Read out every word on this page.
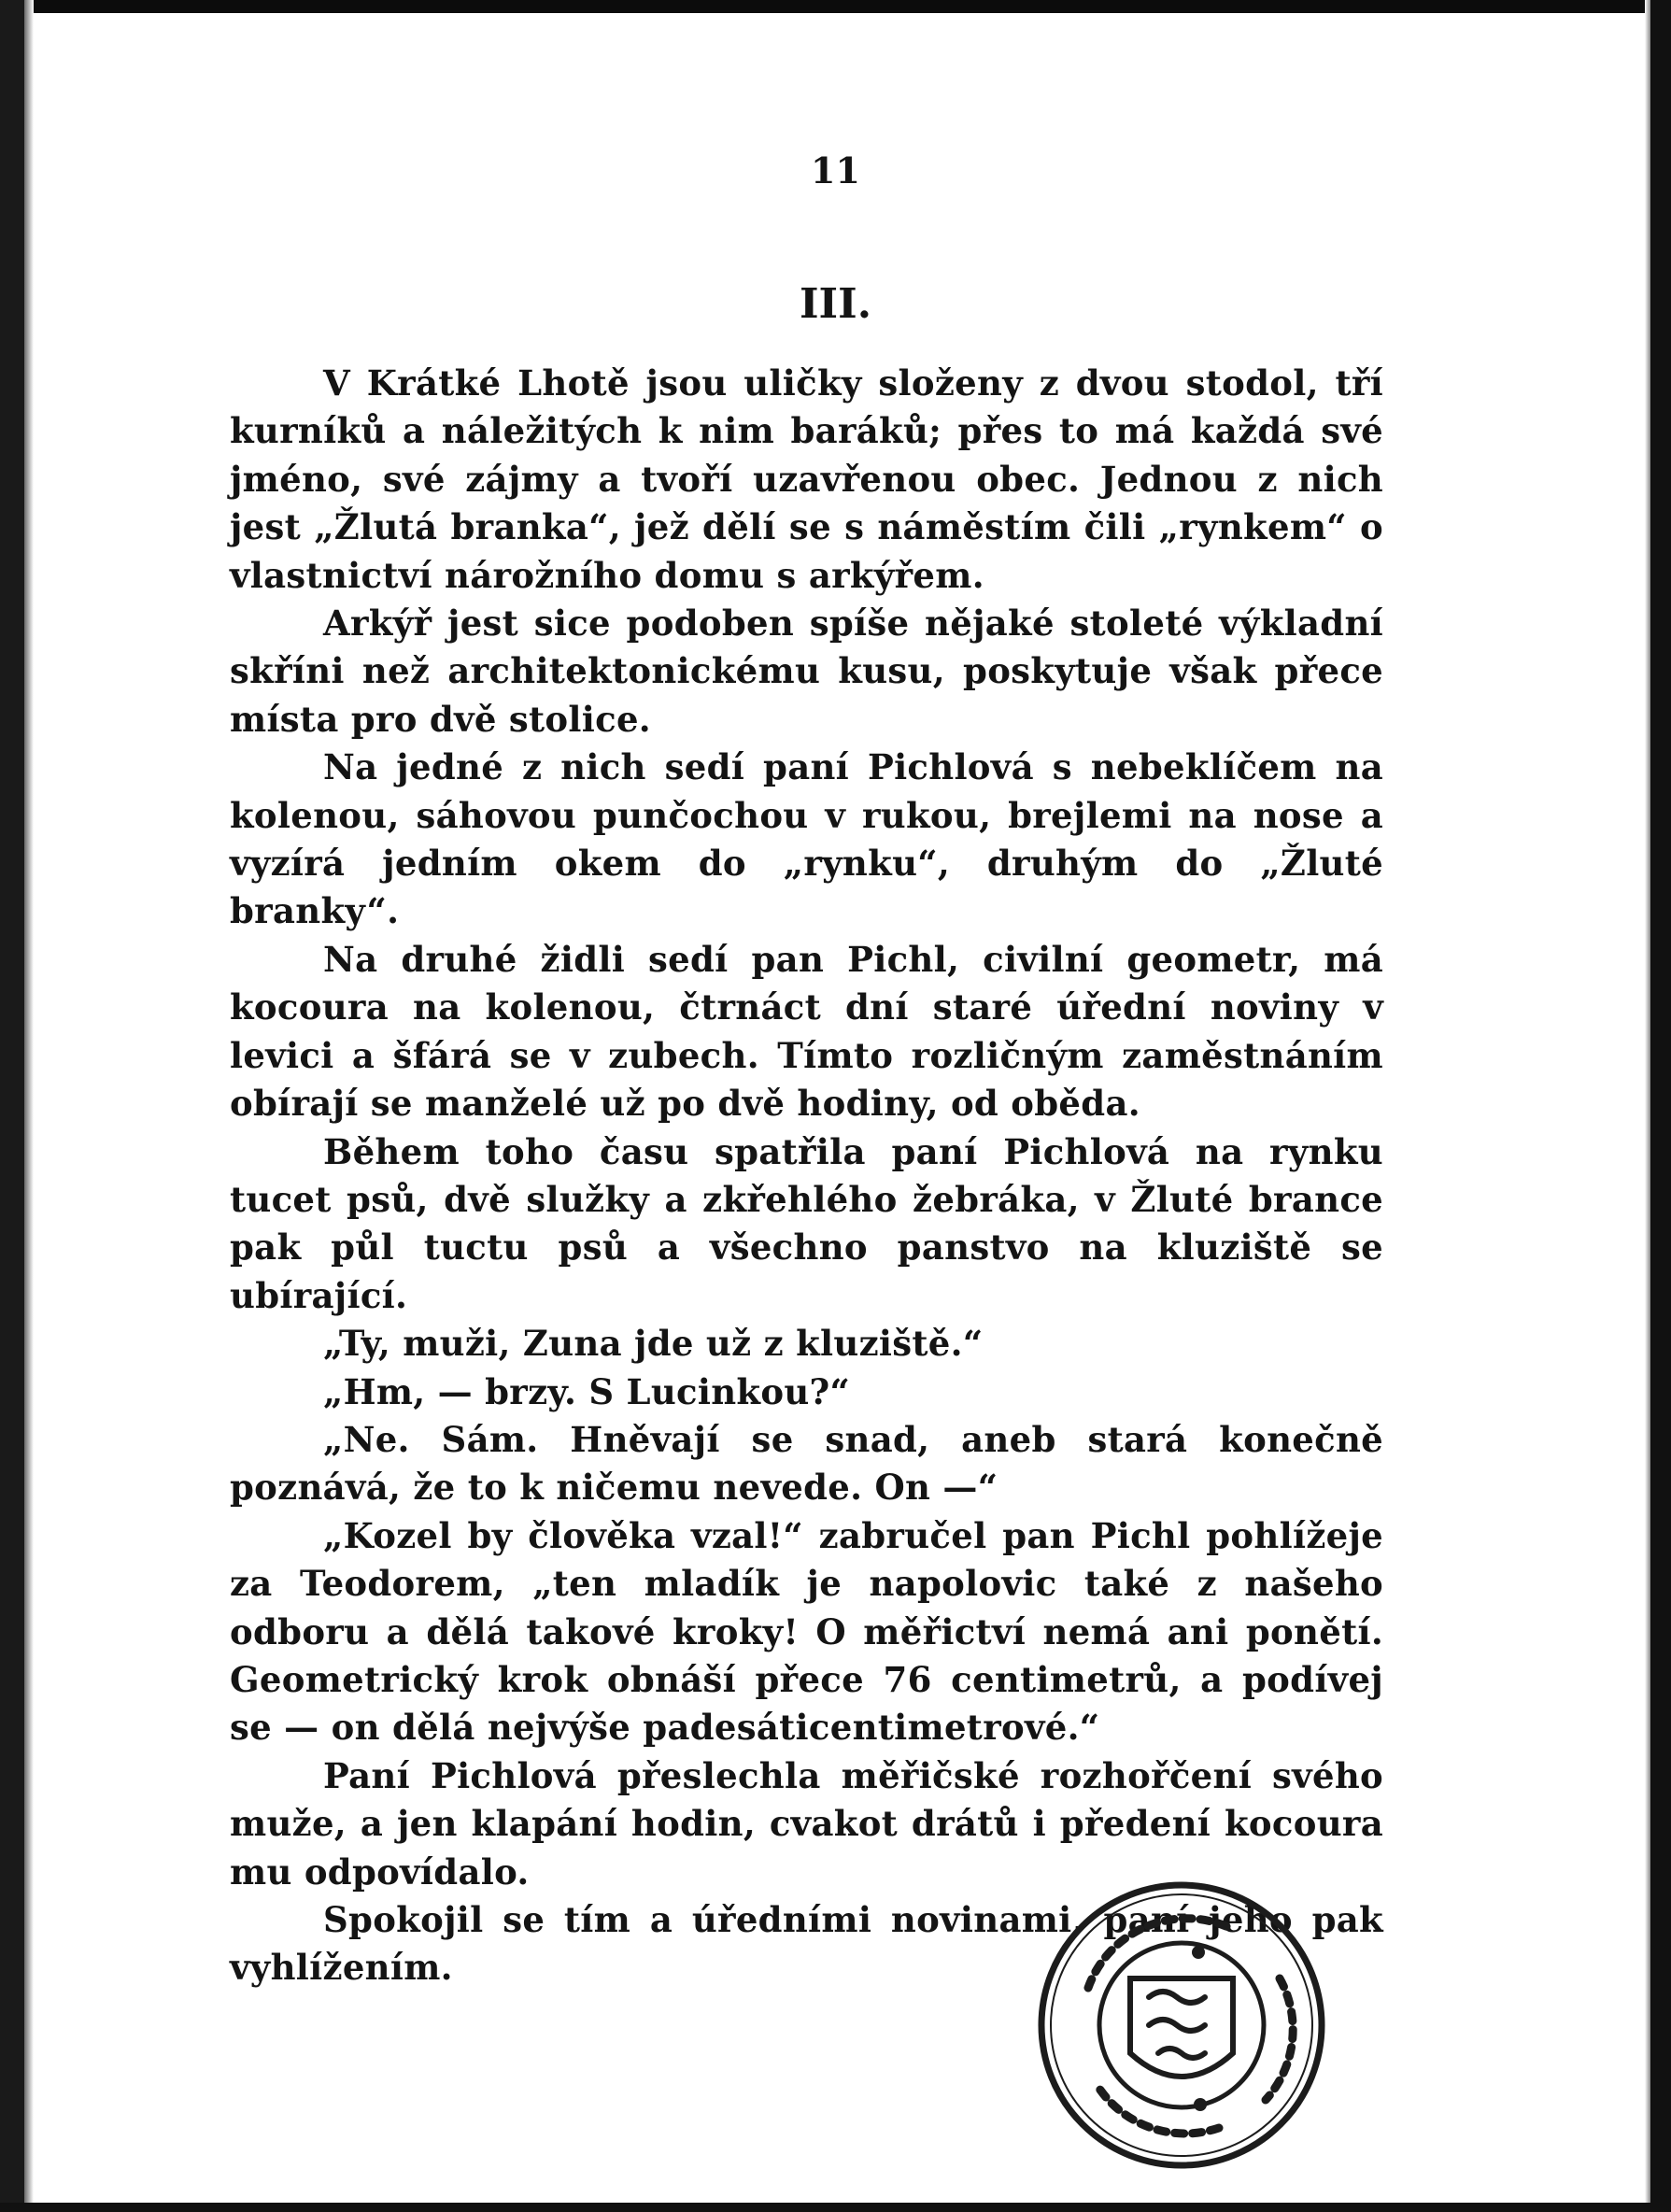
11
III.

V Krátké Lhotě jsou uličky složeny z dvou stodol, tří kurníků a náležitých k nim baráků; přes to má každá své jméno, své zájmy a tvoří uzavřenou obec. Jednou z nich jest „Žlutá branka“, jež dělí se s náměstím čili „rynkem“ o vlastnictví nárožního domu s arkýřem.

Arkýř jest sice podoben spíše nějaké stoleté výkladní skříni než architektonickému kusu, poskytuje však přece místa pro dvě stolice.

Na jedné z nich sedí paní Pichlová s nebeklíčem na kolenou, sáhovou punčochou v rukou, brejlemi na nose a vyzírá jedním okem do „rynku“, druhým do „Žluté branky“.

Na druhé židli sedí pan Pichl, civilní geometr, má kocoura na kolenou, čtrnáct dní staré úřední noviny v levici a šfárá se v zubech. Tímto rozličným zaměstnáním obírají se manželé už po dvě hodiny, od oběda.

Během toho času spatřila paní Pichlová na rynku tucet psů, dvě služky a zkřehlého žebráka, v Žluté brance pak půl tuctu psů a všechno panstvo na kluziště se ubírající.

„Ty, muži, Zuna jde už z kluziště.“

„Hm, — brzy. S Lucinkou?“

„Ne. Sám. Hněvají se snad, aneb stará konečně poznává, že to k ničemu nevede. On —“

„Kozel by člověka vzal!“ zabručel pan Pichl pohlížeje za Teodorem, „ten mladík je napolovic také z našeho odboru a dělá takové kroky! O měřictví nemá ani ponětí. Geometrický krok obnáší přece 76 centimetrů, a podívej se — on dělá nejvýše padesáticentimetrové.“

Paní Pichlová přeslechla měřičské rozhořčení svého muže, a jen klapání hodin, cvakot drátů i předení kocoura mu odpovídalo.

Spokojil se tím a úředními novinami, paní jeho pak vyhlížením.
